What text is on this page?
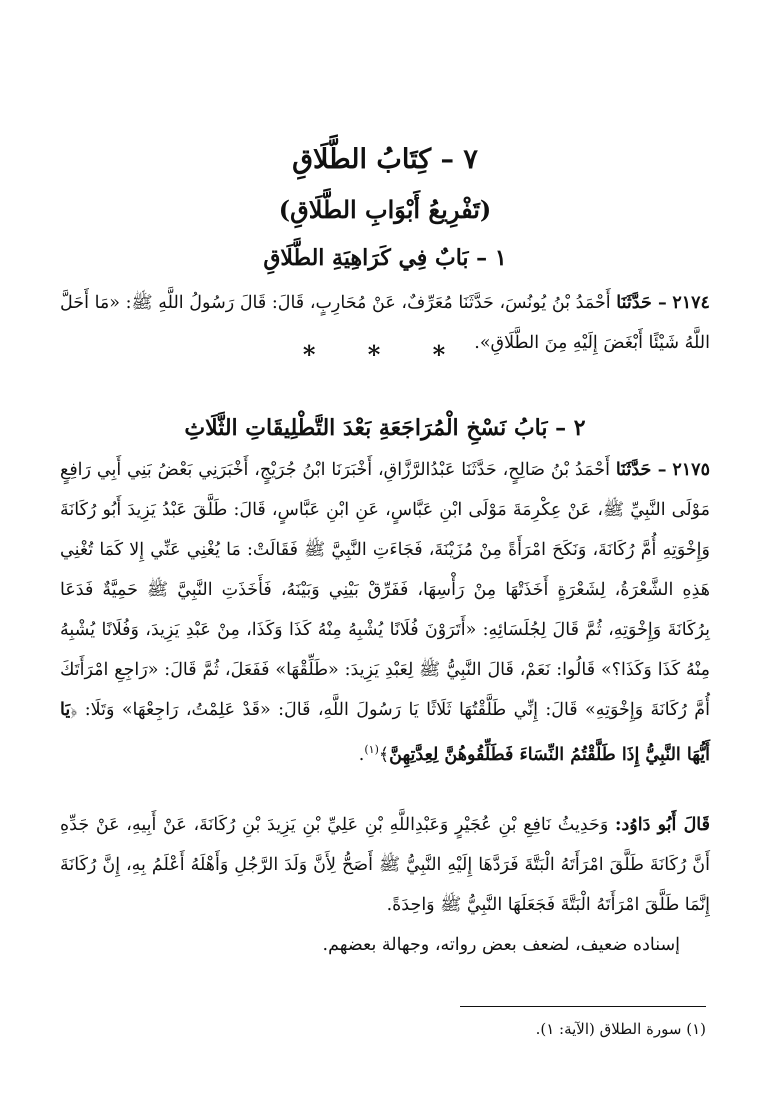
٧ – كِتَابُ الطَّلَاقِ
(تَفْرِيعُ أَبْوَابِ الطَّلَاقِ)
١ – بَابٌ فِي كَرَاهِيَةِ الطَّلَاقِ

٢١٧٤ – حَدَّثَنَا أَحْمَدُ بْنُ يُونُسَ، حَدَّثَنَا مُعَرِّفٌ، عَنْ مُحَارِبٍ، قَالَ: قَالَ رَسُولُ اللَّهِ ﷺ: «مَا أَحَلَّ اللَّهُ شَيْئًا أَبْغَضَ إِلَيْهِ مِنَ الطَّلَاقِ».

* * *
٢ – بَابُ نَسْخِ الْمُرَاجَعَةِ بَعْدَ التَّطْلِيقَاتِ الثَّلَاثِ

٢١٧٥ – حَدَّثَنَا أَحْمَدُ بْنُ صَالِحٍ، حَدَّثَنَا عَبْدُالرَّزَّاقِ، أَخْبَرَنَا ابْنُ جُرَيْجٍ، أَخْبَرَنِي بَعْضُ بَنِي أَبِي رَافِعٍ مَوْلَى النَّبِيِّ ﷺ، عَنْ عِكْرِمَةَ مَوْلَى ابْنِ عَبَّاسٍ، عَنِ ابْنِ عَبَّاسٍ، قَالَ: طَلَّقَ عَبْدُ يَزِيدَ أَبُو رُكَانَةَ وَإِخْوَتِهِ أُمَّ رُكَانَةَ، وَنَكَحَ امْرَأَةً مِنْ مُزَيْنَةَ، فَجَاءَتِ النَّبِيَّ ﷺ فَقَالَتْ: مَا يُغْنِي عَنِّي إِلا كَمَا تُغْنِي هَذِهِ الشَّعْرَةُ، لِشَعْرَةٍ أَخَذَتْهَا مِنْ رَأْسِهَا، فَفَرِّقْ بَيْنِي وَبَيْنَهُ، فَأَخَذَتِ النَّبِيَّ ﷺ حَمِيَّةٌ فَدَعَا بِرُكَانَةَ وَإِخْوَتِهِ، ثُمَّ قَالَ لِجُلَسَائِهِ: «أَتَرَوْنَ فُلَانًا يُشْبِهُ مِنْهُ كَذَا وَكَذَا، مِنْ عَبْدِ يَزِيدَ، وَفُلَانًا يُشْبِهُ مِنْهُ كَذَا وَكَذَا؟» قَالُوا: نَعَمْ، قَالَ النَّبِيُّ ﷺ لِعَبْدِ يَزِيدَ: «طَلِّقْهَا» فَفَعَلَ، ثُمَّ قَالَ: «رَاجِعِ امْرَأَتَكَ أُمَّ رُكَانَةَ وَإِخْوَتِهِ» قَالَ: إِنِّي طَلَّقْتُهَا ثَلَاثًا يَا رَسُولَ اللَّهِ، قَالَ: «قَدْ عَلِمْتُ، رَاجِعْهَا» وَتَلَا: ﴿يَا أَيُّهَا النَّبِيُّ إِذَا طَلَّقْتُمُ النِّسَاءَ فَطَلِّقُوهُنَّ لِعِدَّتِهِنَّ﴾$^{(١)}$.

قَالَ أَبُو دَاوُد: وَحَدِيثُ نَافِعِ بْنِ عُجَيْرٍ وَعَبْدِاللَّهِ بْنِ عَلِيِّ بْنِ يَزِيدَ بْنِ رُكَانَةَ، عَنْ أَبِيهِ، عَنْ جَدِّهِ أَنَّ رُكَانَةَ طَلَّقَ امْرَأَتَهُ الْبَتَّةَ فَرَدَّهَا إِلَيْهِ النَّبِيُّ ﷺ أَصَحُّ لِأَنَّ وَلَدَ الرَّجُلِ وَأَهْلَهُ أَعْلَمُ بِهِ، إِنَّ رُكَانَةَ إِنَّمَا طَلَّقَ امْرَأَتَهُ الْبَتَّةَ فَجَعَلَهَا النَّبِيُّ ﷺ وَاحِدَةً.

إسناده ضعيف، لضعف بعض رواته، وجهالة بعضهم.

(١) سورة الطلاق (الآية: ١).
